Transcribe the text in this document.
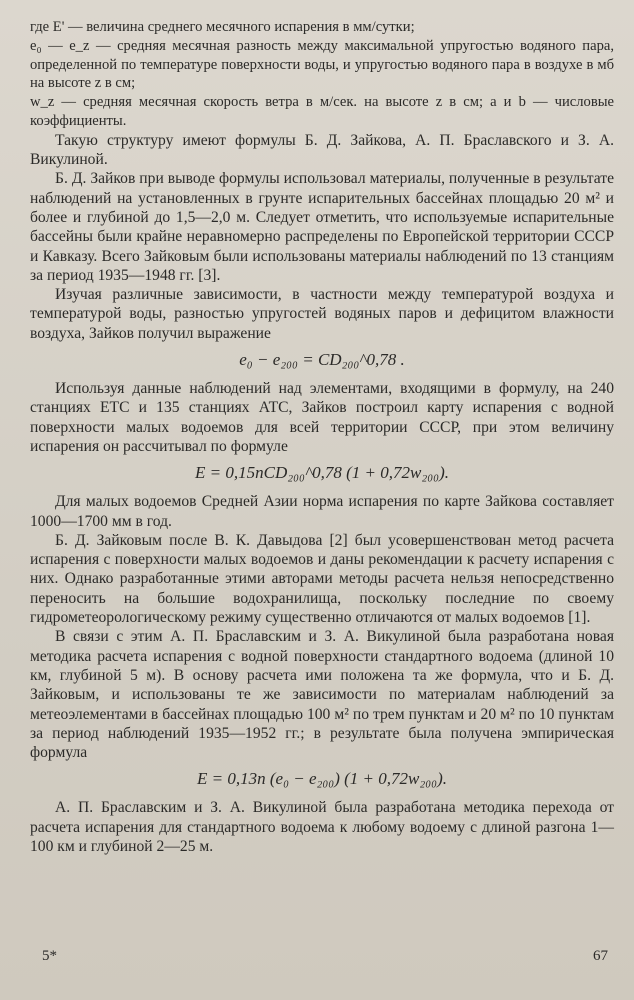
где E' — величина среднего месячного испарения в мм/сутки;

e₀ — e_z — средняя месячная разность между максимальной упругостью водяного пара, определенной по температуре поверхности воды, и упругостью водяного пара в воздухе в мб на высоте z в см;

w_z — средняя месячная скорость ветра в м/сек. на высоте z в см; a и b — числовые коэффициенты.

Такую структуру имеют формулы Б. Д. Зайкова, А. П. Браславского и З. А. Викулиной.

Б. Д. Зайков при выводе формулы использовал материалы, полученные в результате наблюдений на установленных в грунте испарительных бассейнах площадью 20 м² и более и глубиной до 1,5—2,0 м. Следует отметить, что используемые испарительные бассейны были крайне неравномерно распределены по Европейской территории СССР и Кавказу. Всего Зайковым были использованы материалы наблюдений по 13 станциям за период 1935—1948 гг. [3].

Изучая различные зависимости, в частности между температурой воздуха и температурой воды, разностью упругостей водяных паров и дефицитом влажности воздуха, Зайков получил выражение

e₀ − e₂₀₀ = CD₂₀₀^0,78 .

Используя данные наблюдений над элементами, входящими в формулу, на 240 станциях ЕТС и 135 станциях АТС, Зайков построил карту испарения с водной поверхности малых водоемов для всей территории СССР, при этом величину испарения он рассчитывал по формуле

E = 0,15nCD₂₀₀^0,78 (1 + 0,72w₂₀₀).

Для малых водоемов Средней Азии норма испарения по карте Зайкова составляет 1000—1700 мм в год.

Б. Д. Зайковым после В. К. Давыдова [2] был усовершенствован метод расчета испарения с поверхности малых водоемов и даны рекомендации к расчету испарения с них. Однако разработанные этими авторами методы расчета нельзя непосредственно переносить на большие водохранилища, поскольку последние по своему гидрометеорологическому режиму существенно отличаются от малых водоемов [1].

В связи с этим А. П. Браславским и З. А. Викулиной была разработана новая методика расчета испарения с водной поверхности стандартного водоема (длиной 10 км, глубиной 5 м). В основу расчета ими положена та же формула, что и Б. Д. Зайковым, и использованы те же зависимости по материалам наблюдений за метеоэлементами в бассейнах площадью 100 м² по трем пунктам и 20 м² по 10 пунктам за период наблюдений 1935—1952 гг.; в результате была получена эмпирическая формула

E = 0,13n (e₀ − e₂₀₀) (1 + 0,72w₂₀₀).

А. П. Браславским и З. А. Викулиной была разработана методика перехода от расчета испарения для стандартного водоема к любому водоему с длиной разгона 1—100 км и глубиной 2—25 м.

5*	67
